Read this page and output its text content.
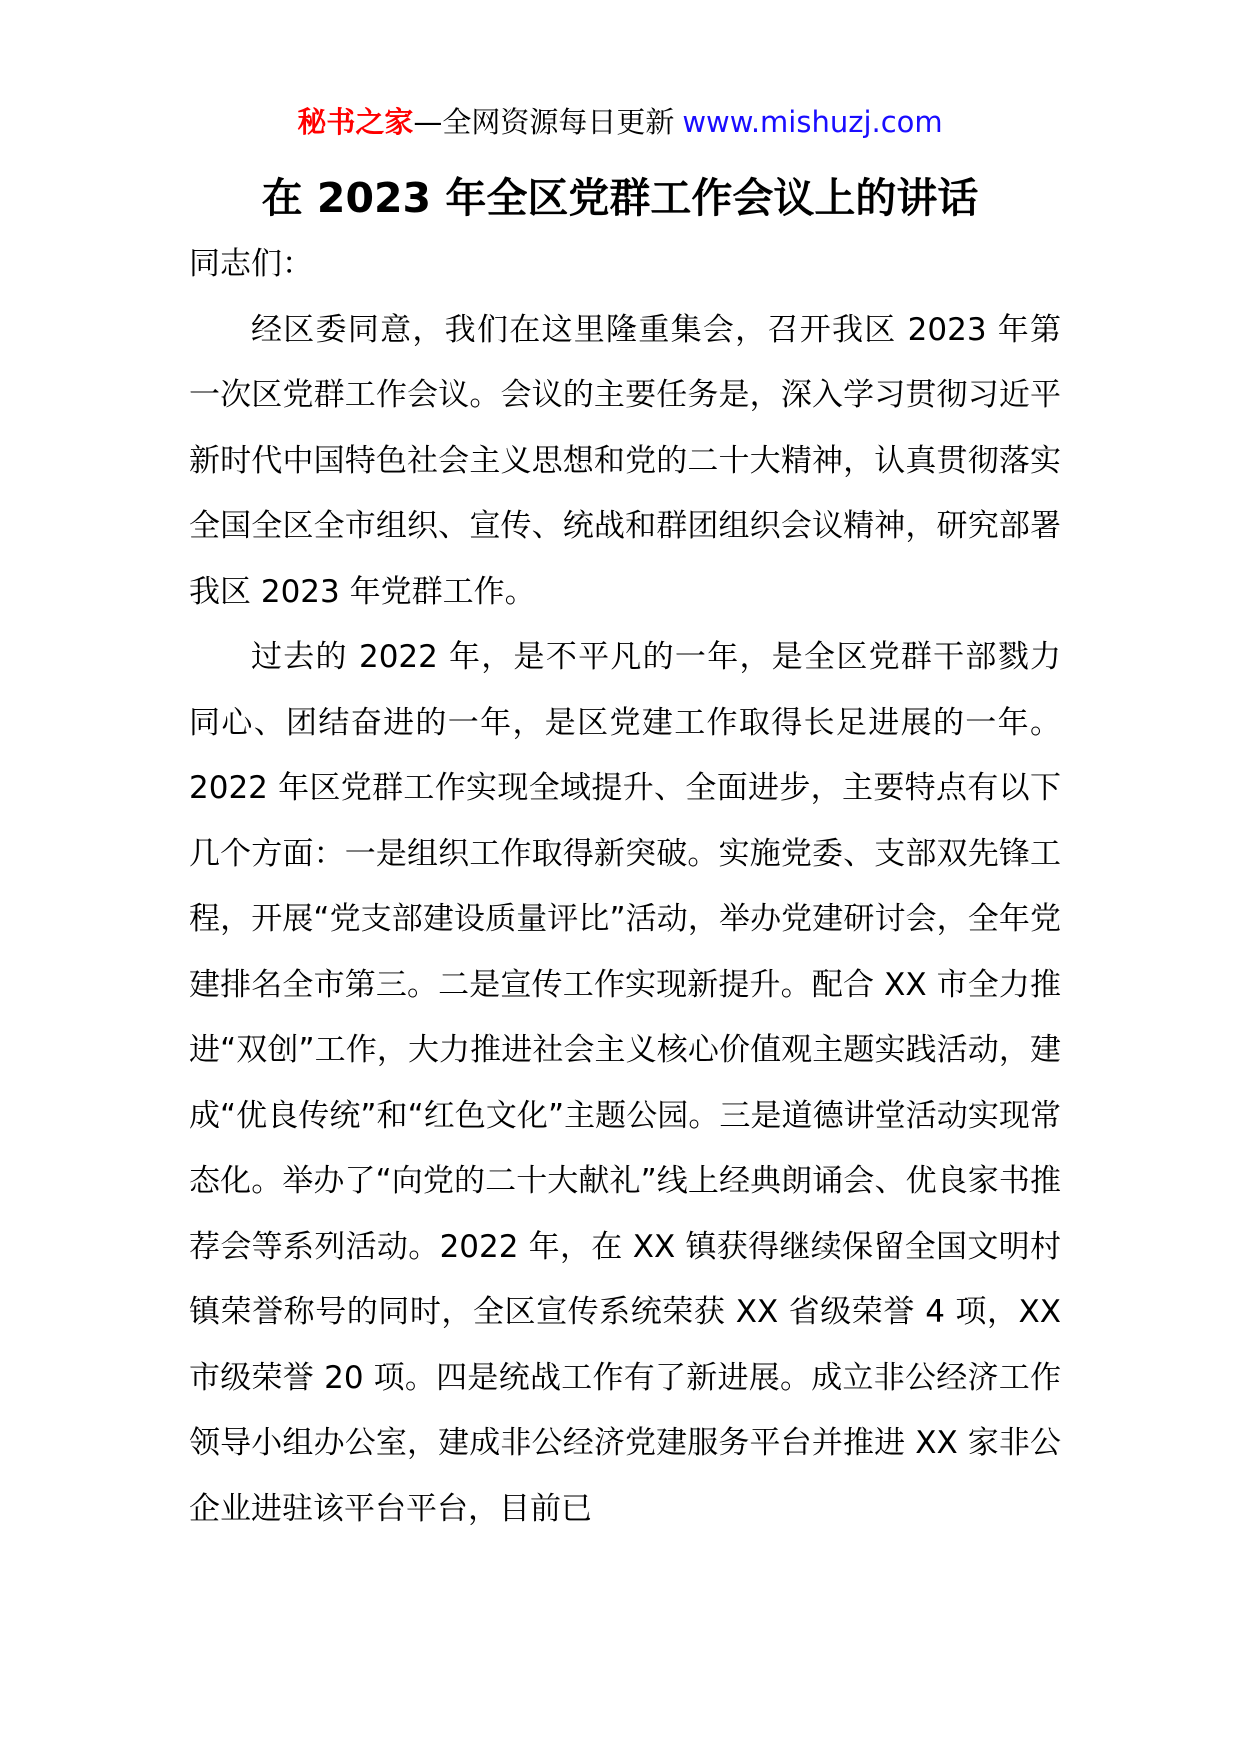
秘书之家—全网资源每日更新 www.mishuzj.com
在 2023 年全区党群工作会议上的讲话

同志们：

经区委同意，我们在这里隆重集会，召开我区 2023 年第一次区党群工作会议。会议的主要任务是，深入学习贯彻习近平新时代中国特色社会主义思想和党的二十大精神，认真贯彻落实全国全区全市组织、宣传、统战和群团组织会议精神，研究部署我区 2023 年党群工作。

过去的 2022 年，是不平凡的一年，是全区党群干部戮力同心、团结奋进的一年，是区党建工作取得长足进展的一年。2022 年区党群工作实现全域提升、全面进步，主要特点有以下几个方面：一是组织工作取得新突破。实施党委、支部双先锋工程，开展“党支部建设质量评比”活动，举办党建研讨会，全年党建排名全市第三。二是宣传工作实现新提升。配合 XX 市全力推进“双创”工作，大力推进社会主义核心价值观主题实践活动，建成“优良传统”和“红色文化”主题公园。三是道德讲堂活动实现常态化。举办了“向党的二十大献礼”线上经典朗诵会、优良家书推荐会等系列活动。2022 年，在 XX 镇获得继续保留全国文明村镇荣誉称号的同时，全区宣传系统荣获 XX 省级荣誉 4 项，XX 市级荣誉 20 项。四是统战工作有了新进展。成立非公经济工作领导小组办公室，建成非公经济党建服务平台并推进 XX 家非公企业进驻该平台平台，目前已
